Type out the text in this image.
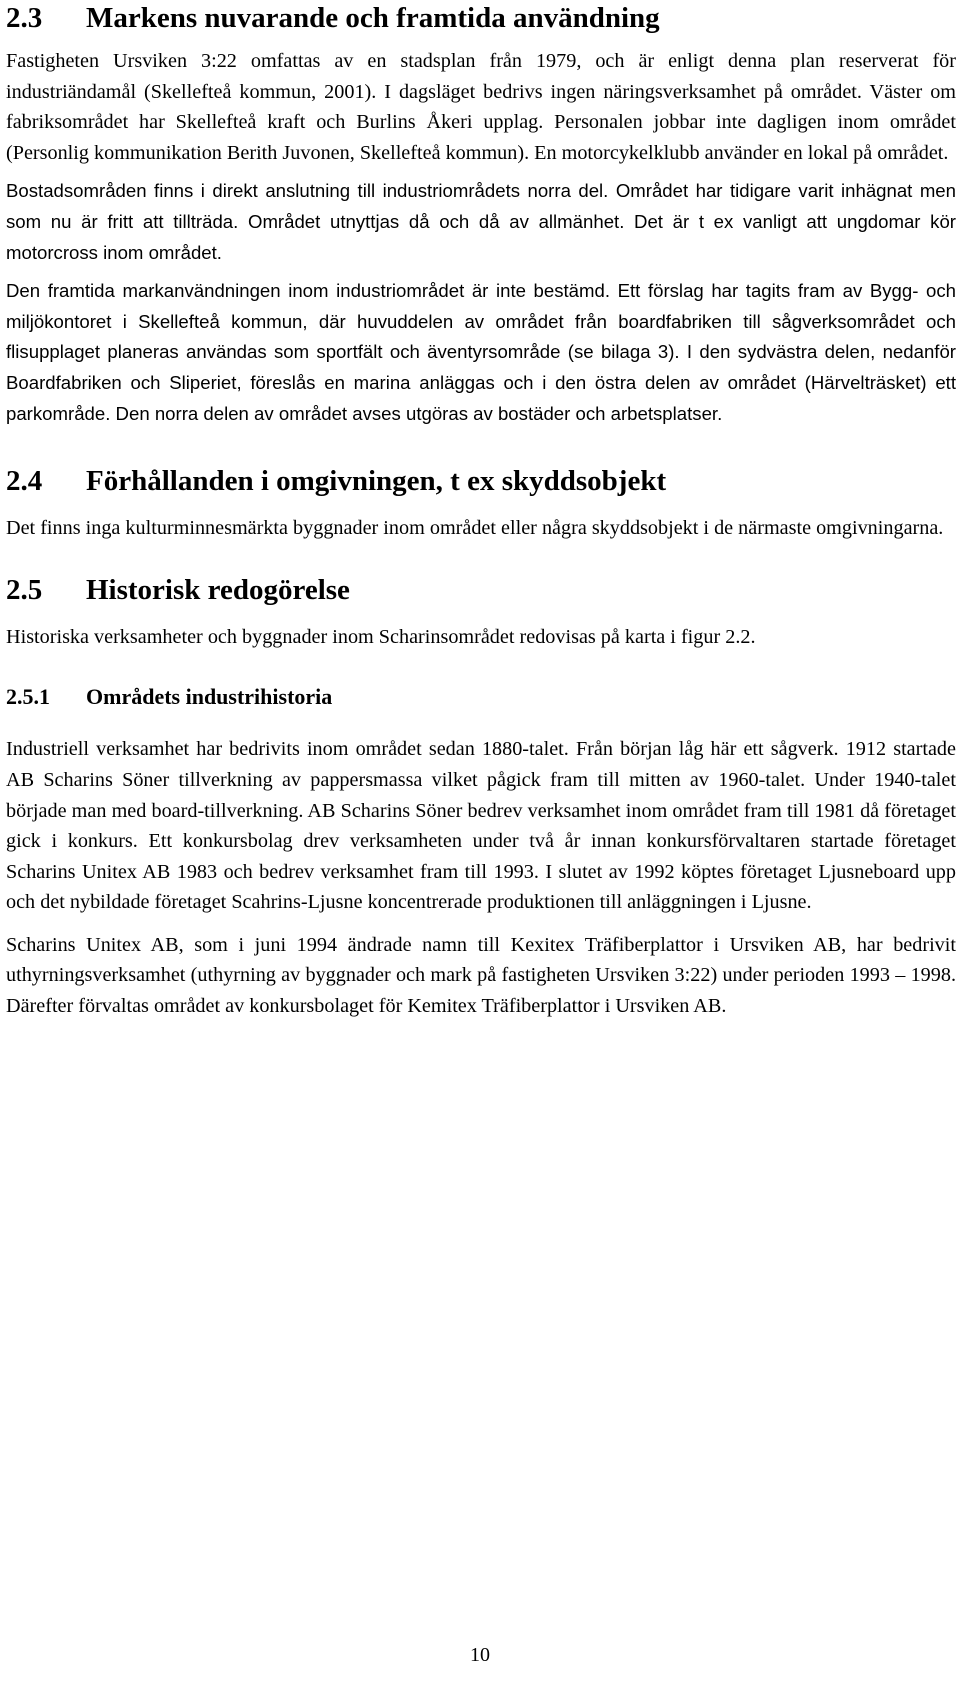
2.3 Markens nuvarande och framtida användning

Fastigheten Ursviken 3:22 omfattas av en stadsplan från 1979, och är enligt denna plan reserverat för industriändamål (Skellefteå kommun, 2001). I dagsläget bedrivs ingen näringsverksamhet på området. Väster om fabriksområdet har Skellefteå kraft och Burlins Åkeri upplag. Personalen jobbar inte dagligen inom området (Personlig kommunikation Berith Juvonen, Skellefteå kommun). En motorcykelklubb använder en lokal på området.

Bostadsområden finns i direkt anslutning till industriområdets norra del. Området har tidigare varit inhägnat men som nu är fritt att tillträda. Området utnyttjas då och då av allmänhet. Det är t ex vanligt att ungdomar kör motorcross inom området.

Den framtida markanvändningen inom industriområdet är inte bestämd. Ett förslag har tagits fram av Bygg- och miljökontoret i Skellefteå kommun, där huvuddelen av området från boardfabriken till sågverksområdet och flisupplaget planeras användas som sportfält och äventyrsområde (se bilaga 3). I den sydvästra delen, nedanför Boardfabriken och Sliperiet, föreslås en marina anläggas och i den östra delen av området (Härvelträsket) ett parkområde. Den norra delen av området avses utgöras av bostäder och arbetsplatser.

2.4 Förhållanden i omgivningen, t ex skyddsobjekt

Det finns inga kulturminnesmärkta byggnader inom området eller några skyddsobjekt i de närmaste omgivningarna.

2.5 Historisk redogörelse

Historiska verksamheter och byggnader inom Scharinsområdet redovisas på karta i figur 2.2.

2.5.1 Områdets industrihistoria

Industriell verksamhet har bedrivits inom området sedan 1880-talet. Från början låg här ett sågverk. 1912 startade AB Scharins Söner tillverkning av pappersmassa vilket pågick fram till mitten av 1960-talet. Under 1940-talet började man med board-tillverkning. AB Scharins Söner bedrev verksamhet inom området fram till 1981 då företaget gick i konkurs. Ett konkursbolag drev verksamheten under två år innan konkursförvaltaren startade företaget Scharins Unitex AB 1983 och bedrev verksamhet fram till 1993. I slutet av 1992 köptes företaget Ljusneboard upp och det nybildade företaget Scahrins-Ljusne koncentrerade produktionen till anläggningen i Ljusne.

Scharins Unitex AB, som i juni 1994 ändrade namn till Kexitex Träfiberplattor i Ursviken AB, har bedrivit uthyrningsverksamhet (uthyrning av byggnader och mark på fastigheten Ursviken 3:22) under perioden 1993 – 1998. Därefter förvaltas området av konkursbolaget för Kemitex Träfiberplattor i Ursviken AB.

10
